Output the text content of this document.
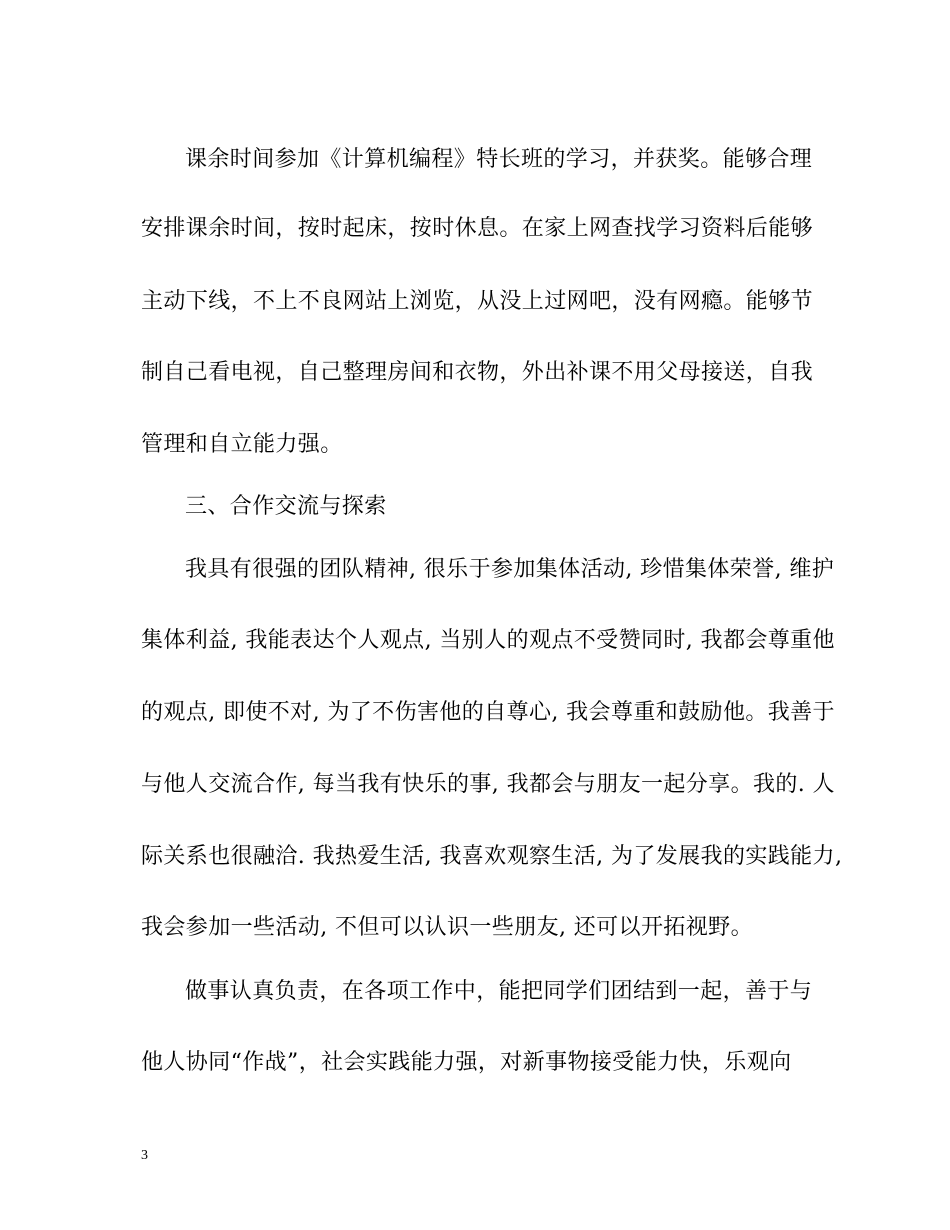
课余时间参加《计算机编程》特长班的学习，并获奖。能够合理
安排课余时间，按时起床，按时休息。在家上网查找学习资料后能够
主动下线，不上不良网站上浏览，从没上过网吧，没有网瘾。能够节
制自己看电视，自己整理房间和衣物，外出补课不用父母接送，自我
管理和自立能力强。
三、合作交流与探索
我具有很强的团队精神, 很乐于参加集体活动, 珍惜集体荣誉, 维护
集体利益, 我能表达个人观点, 当别人的观点不受赞同时, 我都会尊重他
的观点, 即使不对, 为了不伤害他的自尊心, 我会尊重和鼓励他。我善于
与他人交流合作, 每当我有快乐的事, 我都会与朋友一起分享。我的. 人
际关系也很融洽. 我热爱生活, 我喜欢观察生活, 为了发展我的实践能力,
我会参加一些活动, 不但可以认识一些朋友, 还可以开拓视野。
做事认真负责，在各项工作中，能把同学们团结到一起，善于与
他人协同“作战”，社会实践能力强，对新事物接受能力快，乐观向
3
